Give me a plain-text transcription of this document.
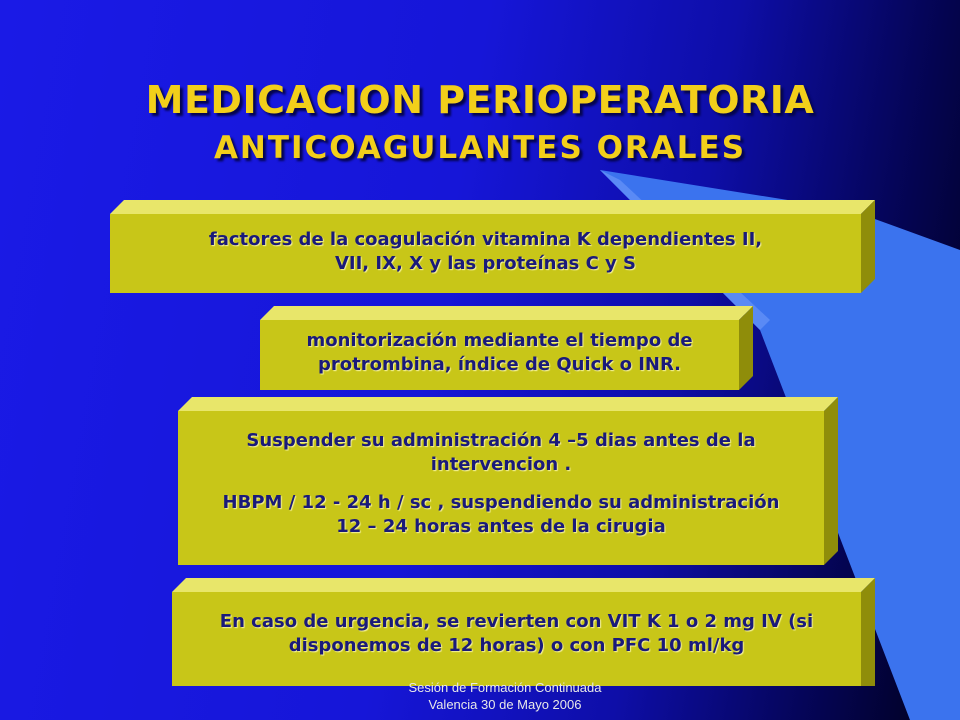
MEDICACION PERIOPERATORIA
ANTICOAGULANTES ORALES

factores de la coagulación vitamina K dependientes II,

VII, IX, X y las proteínas C y S

monitorización mediante el tiempo de

protrombina, índice de Quick o INR.

Suspender su administración 4 –5 dias antes de la

intervencion .

HBPM / 12 - 24 h / sc , suspendiendo su administración

12 – 24 horas antes de la cirugia

En caso de urgencia, se revierten con VIT K 1 o 2 mg IV (si

disponemos de 12 horas) o con PFC 10 ml/kg

Sesión de Formación Continuada
Valencia 30 de Mayo 2006
